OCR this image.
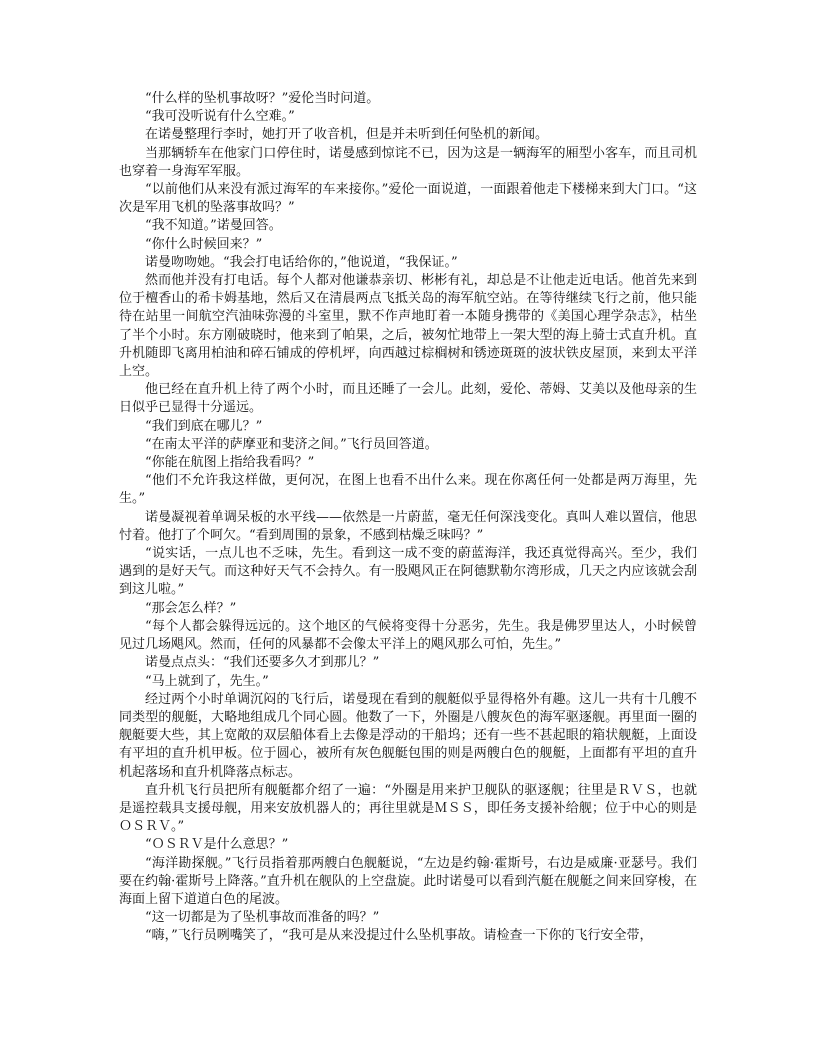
“什么样的坠机事故呀？”爱伦当时问道。

“我可没听说有什么空难。”

在诺曼整理行李时，她打开了收音机，但是并未听到任何坠机的新闻。

当那辆轿车在他家门口停住时，诺曼感到惊诧不已，因为这是一辆海军的厢型小客车，而且司机也穿着一身海军军服。

“以前他们从来没有派过海军的车来接你。”爱伦一面说道，一面跟着他走下楼梯来到大门口。“这次是军用飞机的坠落事故吗？”

“我不知道。”诺曼回答。

“你什么时候回来？”

诺曼吻吻她。“我会打电话给你的，”他说道，“我保证。”

然而他并没有打电话。每个人都对他谦恭亲切、彬彬有礼，却总是不让他走近电话。他首先来到位于檀香山的希卡姆基地，然后又在清晨两点飞抵关岛的海军航空站。在等待继续飞行之前，他只能待在站里一间航空汽油味弥漫的斗室里，默不作声地盯着一本随身携带的《美国心理学杂志》，枯坐了半个小时。东方刚破晓时，他来到了帕果，之后，被匆忙地带上一架大型的海上骑士式直升机。直升机随即飞离用柏油和碎石铺成的停机坪，向西越过棕榈树和锈迹斑斑的波状铁皮屋顶，来到太平洋上空。

他已经在直升机上待了两个小时，而且还睡了一会儿。此刻，爱伦、蒂姆、艾美以及他母亲的生日似乎已显得十分遥远。

“我们到底在哪儿？”

“在南太平洋的萨摩亚和斐济之间。”飞行员回答道。

“你能在航图上指给我看吗？”

“他们不允许我这样做，更何况，在图上也看不出什么来。现在你离任何一处都是两万海里，先生。”

诺曼凝视着单调呆板的水平线——依然是一片蔚蓝，毫无任何深浅变化。真叫人难以置信，他思忖着。他打了个呵欠。“看到周围的景象，不感到枯燥乏味吗？”

“说实话，一点儿也不乏味，先生。看到这一成不变的蔚蓝海洋，我还真觉得高兴。至少，我们遇到的是好天气。而这种好天气不会持久。有一股飓风正在阿德默勒尔湾形成，几天之内应该就会刮到这儿啦。”

“那会怎么样？”

“每个人都会躲得远远的。这个地区的气候将变得十分恶劣，先生。我是佛罗里达人，小时候曾见过几场飓风。然而，任何的风暴都不会像太平洋上的飓风那么可怕，先生。”

诺曼点点头：“我们还要多久才到那儿？”

“马上就到了，先生。”

经过两个小时单调沉闷的飞行后，诺曼现在看到的舰艇似乎显得格外有趣。这儿一共有十几艘不同类型的舰艇，大略地组成几个同心圆。他数了一下，外圈是八艘灰色的海军驱逐舰。再里面一圈的舰艇要大些，其上宽敞的双层船体看上去像是浮动的干船坞；还有一些不甚起眼的箱状舰艇，上面设有平坦的直升机甲板。位于圆心，被所有灰色舰艇包围的则是两艘白色的舰艇，上面都有平坦的直升机起落场和直升机降落点标志。

直升机飞行员把所有舰艇都介绍了一遍：“外圈是用来护卫舰队的驱逐舰；往里是ＲＶＳ，也就是遥控载具支援母舰，用来安放机器人的；再往里就是ＭＳＳ，即任务支援补给舰；位于中心的则是ＯＳＲＶ。”

“ＯＳＲＶ是什么意思？”

“海洋勘探舰。”飞行员指着那两艘白色舰艇说，“左边是约翰·霍斯号，右边是威廉·亚瑟号。我们要在约翰·霍斯号上降落。”直升机在舰队的上空盘旋。此时诺曼可以看到汽艇在舰艇之间来回穿梭，在海面上留下道道白色的尾波。

“这一切都是为了坠机事故而准备的吗？”

“嗨，”飞行员咧嘴笑了，“我可是从来没提过什么坠机事故。请检查一下你的飞行安全带，
